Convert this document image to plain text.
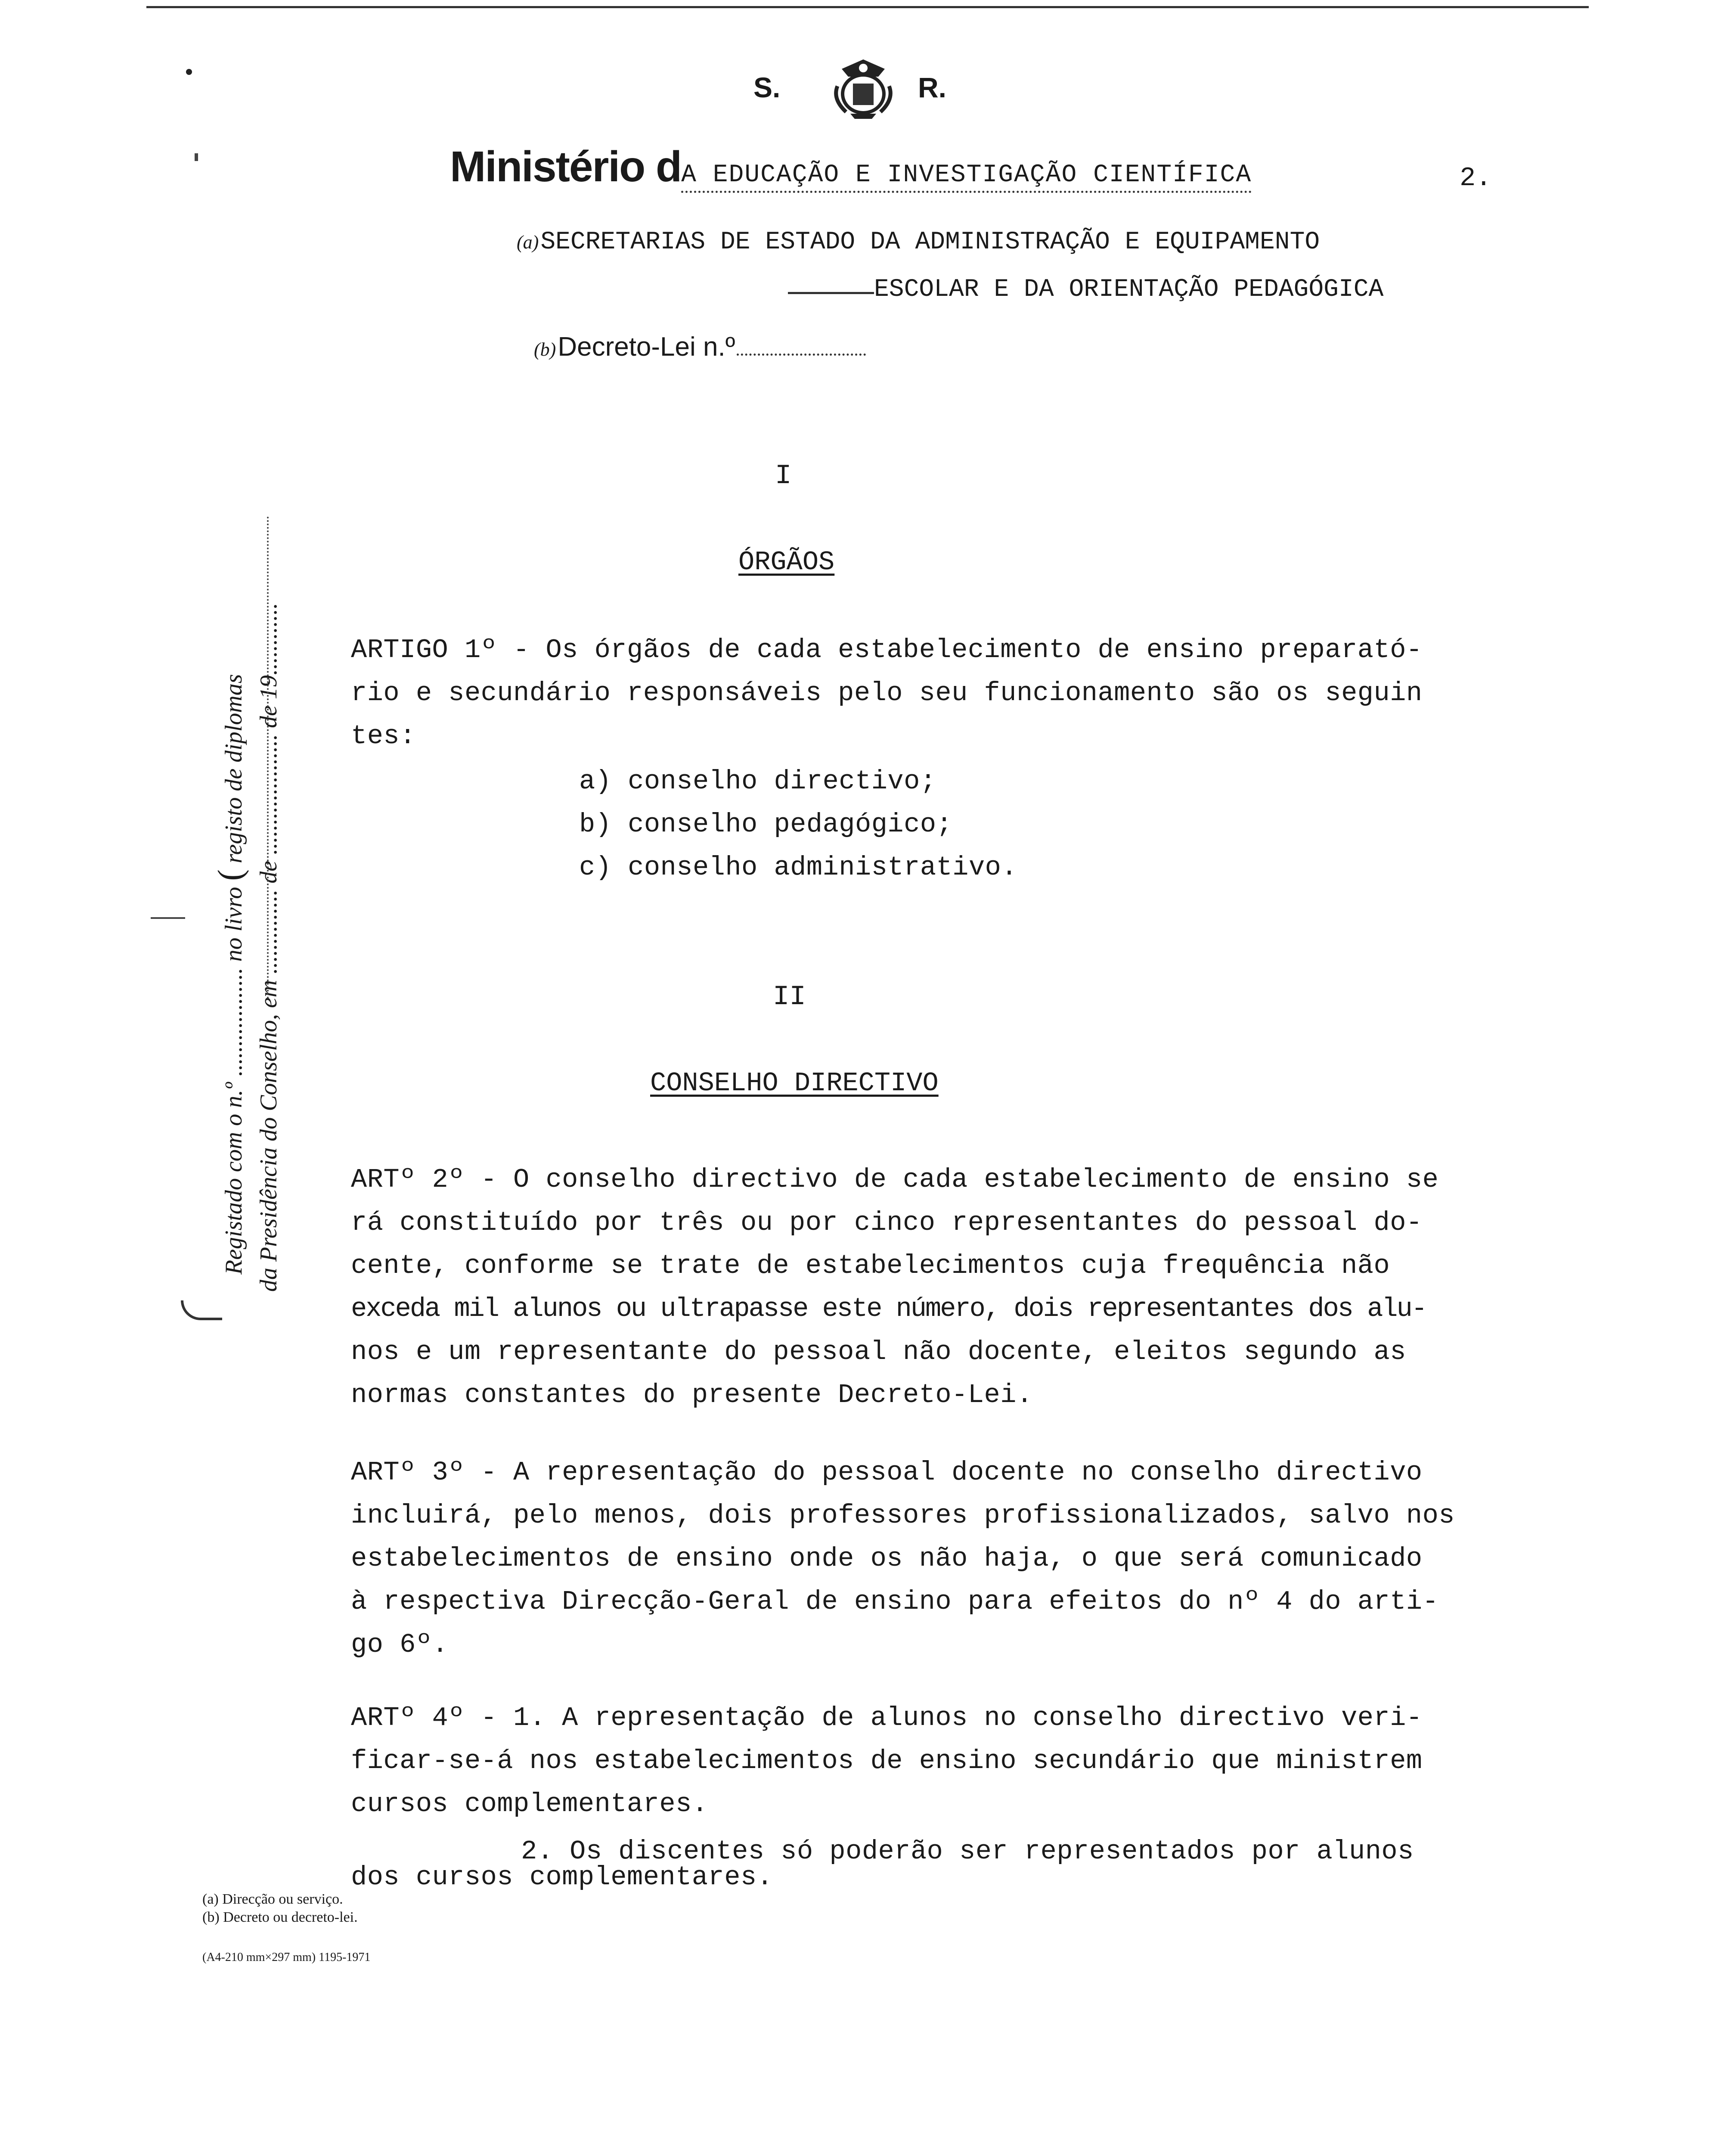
S.	R.
Ministério dA EDUCAÇÃO E INVESTIGAÇÃO CIENTÍFICA	2.
(a) SECRETARIAS DE ESTADO DA ADMINISTRAÇÃO E EQUIPAMENTO
ESCOLAR E DA ORIENTAÇÃO PEDAGÓGICA
(b) Decreto-Lei n.º
Registado com o n.º .................. no livro ( registo de diplomas da Presidência do Conselho, em .............. de .................... de 19............
I
ÓRGÃOS
ARTIGO 1º - Os órgãos de cada estabelecimento de ensino preparató-
rio e secundário responsáveis pelo seu funcionamento são os seguin
tes:
a) conselho directivo;
b) conselho pedagógico;
c) conselho administrativo.
II
CONSELHO DIRECTIVO
ARTº 2º - O conselho directivo de cada estabelecimento de ensino se
rá constituído por três ou por cinco representantes do pessoal do-
cente, conforme se trate de estabelecimentos cuja frequência não
exceda mil alunos ou ultrapasse este número, dois representantes dos alu-
nos e um representante do pessoal não docente, eleitos segundo as
normas constantes do presente Decreto-Lei.
ARTº 3º - A representação do pessoal docente no conselho directivo
incluirá, pelo menos, dois professores profissionalizados, salvo nos
estabelecimentos de ensino onde os não haja, o que será comunicado
à respectiva Direcção-Geral de ensino para efeitos do nº 4 do arti-
go 6º.
ARTº 4º - 1. A representação de alunos no conselho directivo veri-
ficar-se-á nos estabelecimentos de ensino secundário que ministrem
cursos complementares.
2. Os discentes só poderão ser representados por alunos
dos cursos complementares.
(a) Direcção ou serviço.
(b) Decreto ou decreto-lei.
(A4-210 mm×297 mm) 1195-1971
